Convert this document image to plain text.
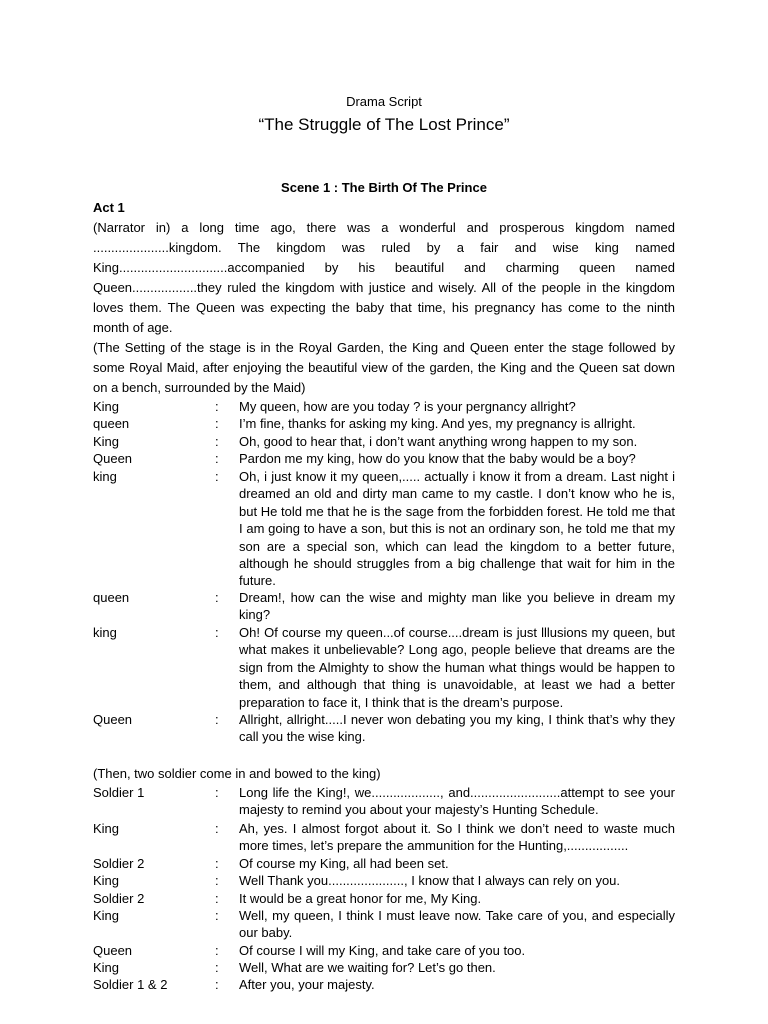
Drama Script
“The Struggle of The Lost Prince”
Scene 1 : The Birth Of The Prince
Act 1
(Narrator in) a long time ago, there was a wonderful and prosperous kingdom named .....................kingdom. The kingdom was ruled by a fair and wise king named King..............................accompanied by his beautiful and charming queen named Queen..................they ruled the kingdom with justice and wisely. All of the people in the kingdom loves them. The Queen was expecting the baby that time, his pregnancy has come to the ninth month of age.
(The Setting of the stage is in the Royal Garden, the King and Queen enter the stage followed by some Royal Maid, after enjoying the beautiful view of the garden, the King and the Queen sat down on a bench, surrounded by the Maid)
King	: My queen, how are you today ? is your pergnancy allright?
queen	: I’m fine, thanks for asking my king. And yes, my pregnancy is allright.
King	: Oh, good to hear that, i don’t want anything wrong happen to my son.
Queen	: Pardon me my king, how do you know that the baby would be a boy?
king	: Oh, i just know it my queen,..... actually i know it from a dream. Last night i dreamed an old and dirty man came to my castle. I don’t know who he is, but He told me that he is the sage from the forbidden forest. He told me that I am going to have a son, but this is not an ordinary son, he told me that my son are a special son, which can lead the kingdom to a better future, although he should struggles from a big challenge that wait for him in the future.
queen	: Dream!, how can the wise and mighty man like you believe in dream my king?
king	: Oh! Of course my queen...of course....dream is just lllusions my queen, but what makes it unbelievable? Long ago, people believe that dreams are the sign from the Almighty to show the human what things would be happen to them, and although that thing is unavoidable, at least we had a better preparation to face it, I think that is the dream’s purpose.
Queen	: Allright, allright.....I never won debating you my king, I think that’s why they call you the wise king.
(Then, two soldier come in and bowed to the king)
Soldier 1	: Long life the King!, we..................., and.........................attempt to see your majesty to remind you about your majesty’s Hunting Schedule.
King	: Ah, yes. I almost forgot about it. So I think we don’t need to waste much more times, let’s prepare the ammunition for the Hunting,.................
Soldier 2	: Of course my King, all had been set.
King	: Well Thank you....................., I know that I always can rely on you.
Soldier 2	: It would be a great honor for me, My King.
King	: Well, my queen, I think I must leave now. Take care of you, and especially our baby.
Queen	: Of course I will my King, and take care of you too.
King	: Well, What are we waiting for? Let’s go then.
Soldier 1 & 2	: After you, your majesty.
